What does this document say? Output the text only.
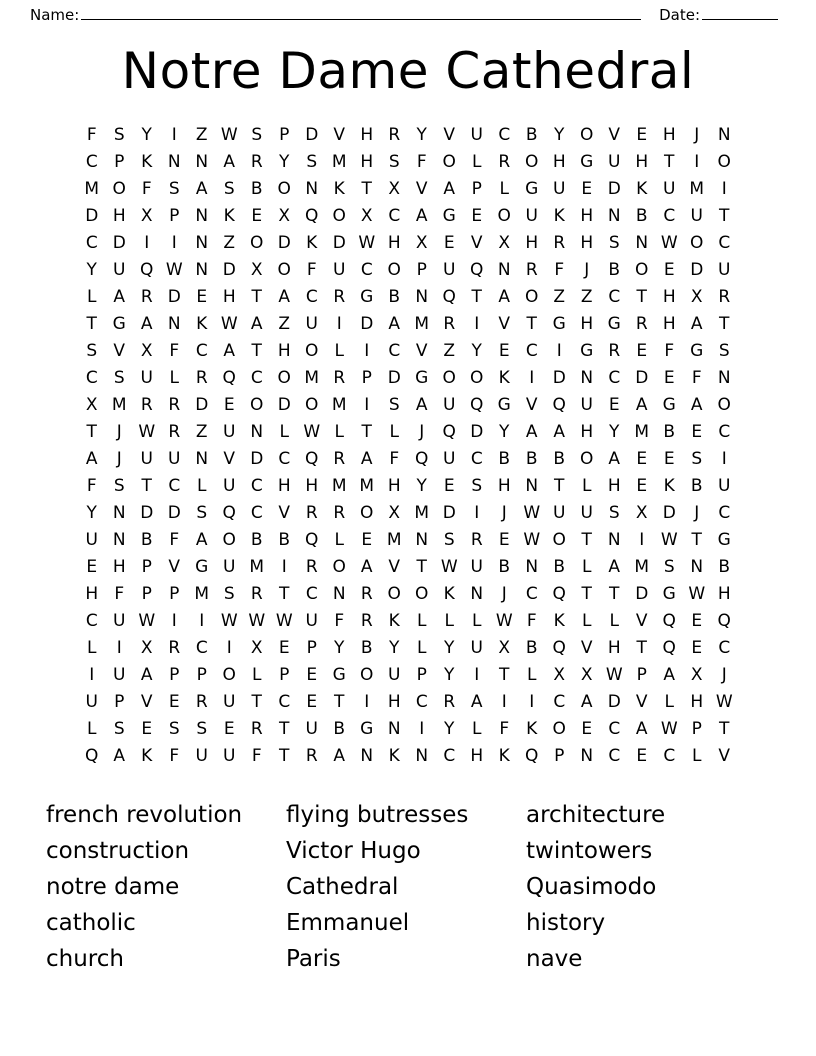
Name:	Date:
Notre Dame Cathedral
F	S Y	I	Z W S P D V H R Y V U C B Y O V E H	J	N
C P K N N A R Y S M H S	F O L R O H G U H T	I	O
M O F	S A S B O N K T X V A P	L G U E D K U M	I
D H X P N K E X Q O X C A G E O U K H N B C U T
C D	I	I	N Z O D K D W H X E V X H R H S N W O C
Y U Q W N D X O F U C O P U Q N R F	J	B O E D U
L A R D E H T A C R G B N Q T A O Z Z C T H X R
T G A N K W A Z U	I	D A M R	I	V T G H G R H A T
S V X F C A T H O L	I	C V Z Y E C	I	G R E	F G S
C S U L R Q C O M R P D G O O K	I	D N C D E	F N
X M R R D E O D O M	I	S A U Q G V Q U E A G A O
T	J W R Z U N L W L	T	L	J	Q D Y A A H Y M B E C
A	J	U U N V D C Q R A F Q U C B B B O A E E S	I
F	S T C L U C H H M M H Y E S H N T	L H E K B U
Y N D D S Q C V R R O X M D	I	J W U U S X D	J	C
U N B F A O B B Q L	E M N S R E W O T N	I W T G
E H P V G U M	I	R O A V T W U B N B L A M S N B
H F	P	P M S R T C N R O O K N	J	C Q T	T D G W H
C U W I	I W W W U F R K	L	L	L W F	K	L	L V Q E Q
L	I	X R C	I	X E P	Y B Y	L	Y U X B Q V H T Q E C
I	U A P	P O L	P	E G O U P	Y	I	T	L X X W P A X	J
U P V E R U T C E T	I	H C R A	I	I	C A D V L H W
L	S E S S E R T U B G N	I	Y	L	F	K O E C A W P	T
Q A K	F U U F	T R A N K N C H K Q P N C E C L V
french revolution	flying butresses	architecture
construction	Victor Hugo	twintowers
notre dame	Cathedral	Quasimodo
catholic	Emmanuel	history
church	Paris	nave
